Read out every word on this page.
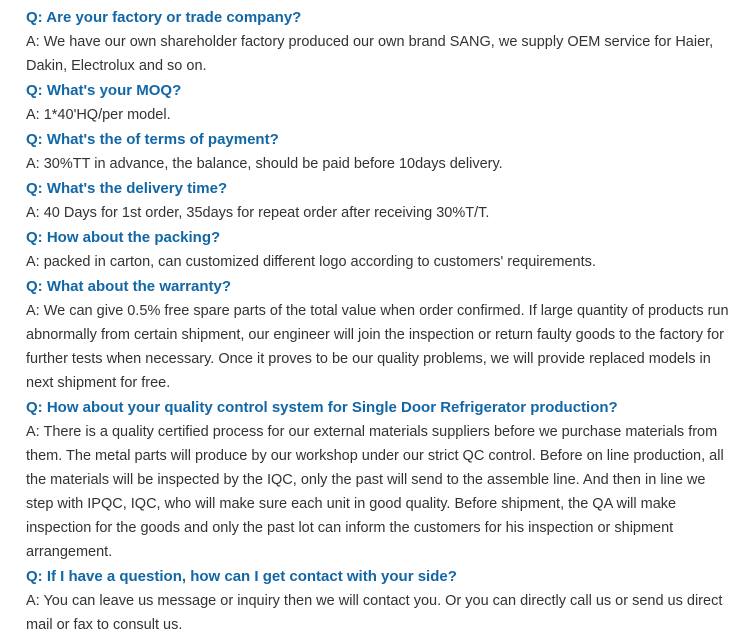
Q: Are your factory or trade company?

A: We have our own shareholder factory produced our own brand SANG, we supply OEM service for Haier, Dakin, Electrolux and so on.

Q: What's your MOQ?

A: 1*40'HQ/per model.

Q: What's the of terms of payment?

A: 30%TT in advance, the balance, should be paid before 10days delivery.

Q: What's the delivery time?

A: 40 Days for 1st order, 35days for repeat order after receiving 30%T/T.

Q: How about the packing?

A: packed in carton, can customized different logo according to customers' requirements.

Q: What about the warranty?

A: We can give 0.5% free spare parts of the total value when order confirmed. If large quantity of products run abnormally from certain shipment, our engineer will join the inspection or return faulty goods to the factory for further tests when necessary. Once it proves to be our quality problems, we will provide replaced models in next shipment for free.

Q: How about your quality control system for Single Door Refrigerator production?

A: There is a quality certified process for our external materials suppliers before we purchase materials from them. The metal parts will produce by our workshop under our strict QC control. Before on line production, all the materials will be inspected by the IQC, only the past will send to the assemble line. And then in line we step with IPQC, IQC, who will make sure each unit in good quality. Before shipment, the QA will make inspection for the goods and only the past lot can inform the customers for his inspection or shipment arrangement.

Q: If I have a question, how can I get contact with your side?

A: You can leave us message or inquiry then we will contact you. Or you can directly call us or send us direct mail or fax to consult us.
